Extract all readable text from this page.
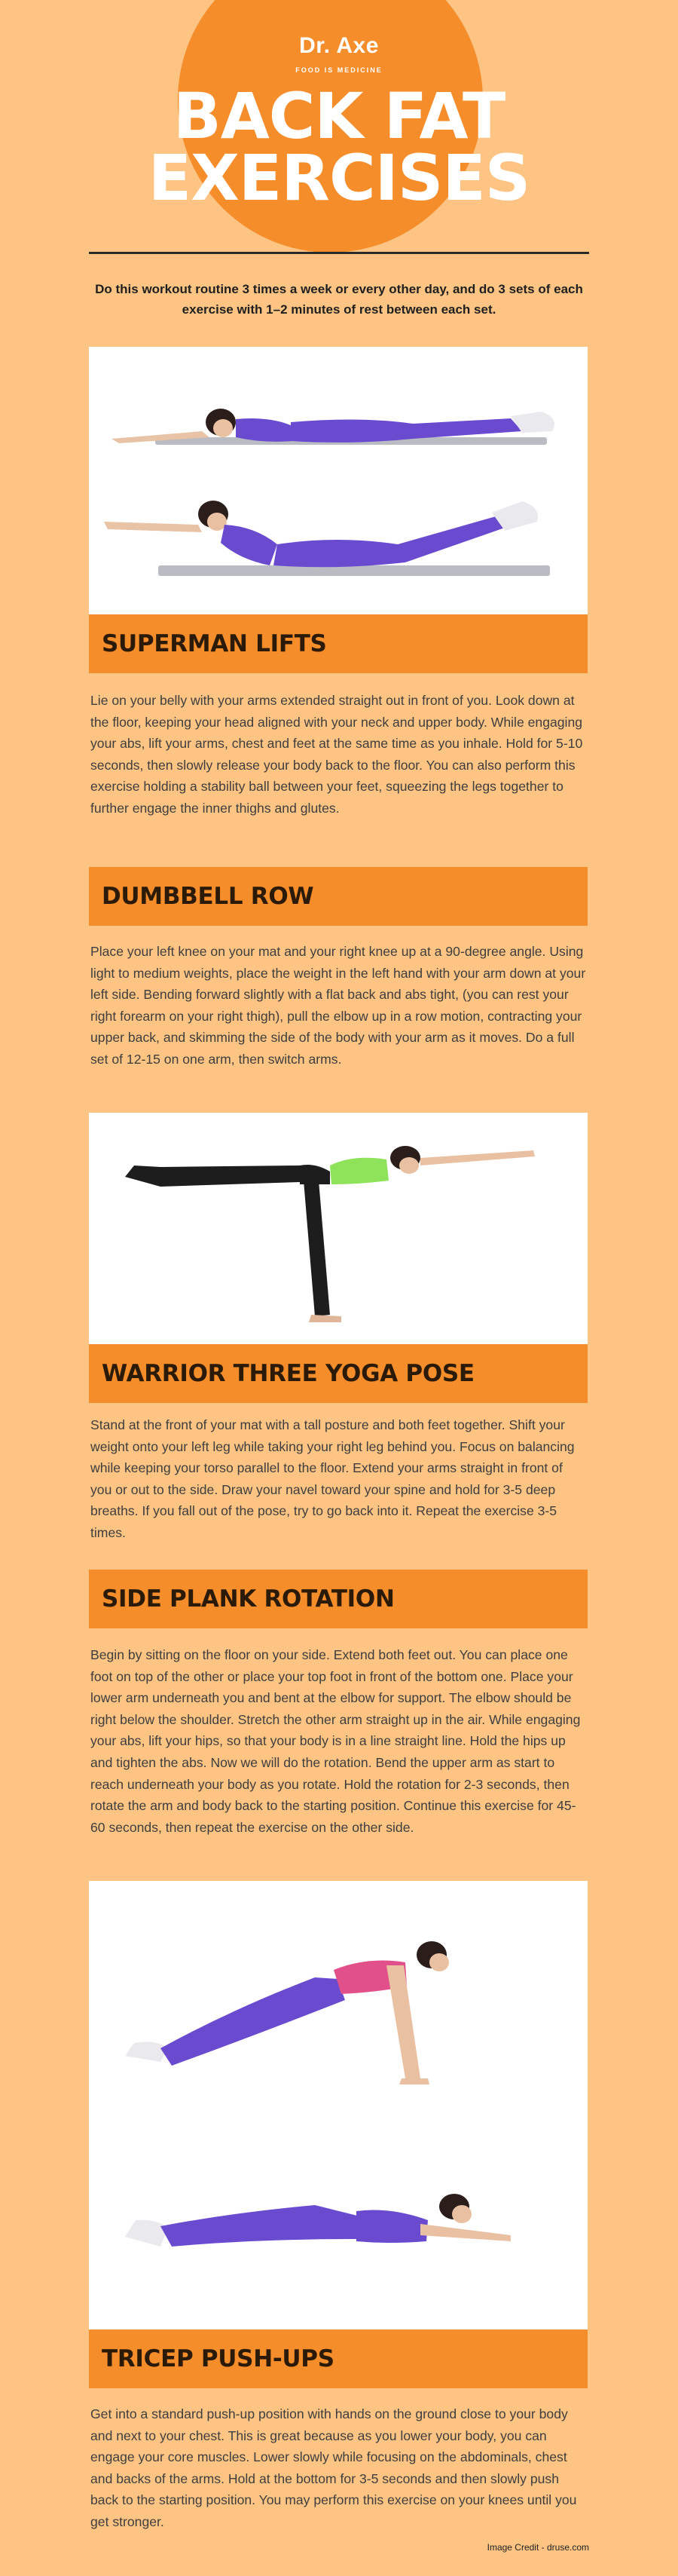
Dr. Axe
FOOD IS MEDICINE
BACK FAT
EXERCISES
Do this workout routine 3 times a week or every other day, and do 3 sets of each exercise with 1–2 minutes of rest between each set.
SUPERMAN LIFTS
Lie on your belly with your arms extended straight out in front of you. Look down at the floor, keeping your head aligned with your neck and upper body. While engaging your abs, lift your arms, chest and feet at the same time as you inhale. Hold for 5-10 seconds, then slowly release your body back to the floor. You can also perform this exercise holding a stability ball between your feet, squeezing the legs together to further engage the inner thighs and glutes.
DUMBBELL ROW
Place your left knee on your mat and your right knee up at a 90-degree angle. Using light to medium weights, place the weight in the left hand with your arm down at your left side. Bending forward slightly with a flat back and abs tight, (you can rest your right forearm on your right thigh), pull the elbow up in a row motion, contracting your upper back, and skimming the side of the body with your arm as it moves. Do a full set of 12-15 on one arm, then switch arms.
WARRIOR THREE YOGA POSE
Stand at the front of your mat with a tall posture and both feet together. Shift your weight onto your left leg while taking your right leg behind you. Focus on balancing while keeping your torso parallel to the floor. Extend your arms straight in front of you or out to the side. Draw your navel toward your spine and hold for 3-5 deep breaths. If you fall out of the pose, try to go back into it. Repeat the exercise 3-5 times.
SIDE PLANK ROTATION
Begin by sitting on the floor on your side. Extend both feet out. You can place one foot on top of the other or place your top foot in front of the bottom one. Place your lower arm underneath you and bent at the elbow for support. The elbow should be right below the shoulder. Stretch the other arm straight up in the air. While engaging your abs, lift your hips, so that your body is in a line straight line. Hold the hips up and tighten the abs. Now we will do the rotation. Bend the upper arm as start to reach underneath your body as you rotate. Hold the rotation for 2-3 seconds, then rotate the arm and body back to the starting position. Continue this exercise for 45-60 seconds, then repeat the exercise on the other side.
TRICEP PUSH-UPS
Get into a standard push-up position with hands on the ground close to your body and next to your chest. This is great because as you lower your body, you can engage your core muscles. Lower slowly while focusing on the abdominals, chest and backs of the arms. Hold at the bottom for 3-5 seconds and then slowly push back to the starting position. You may perform this exercise on your knees until you get stronger.
Image Credit - druse.com
